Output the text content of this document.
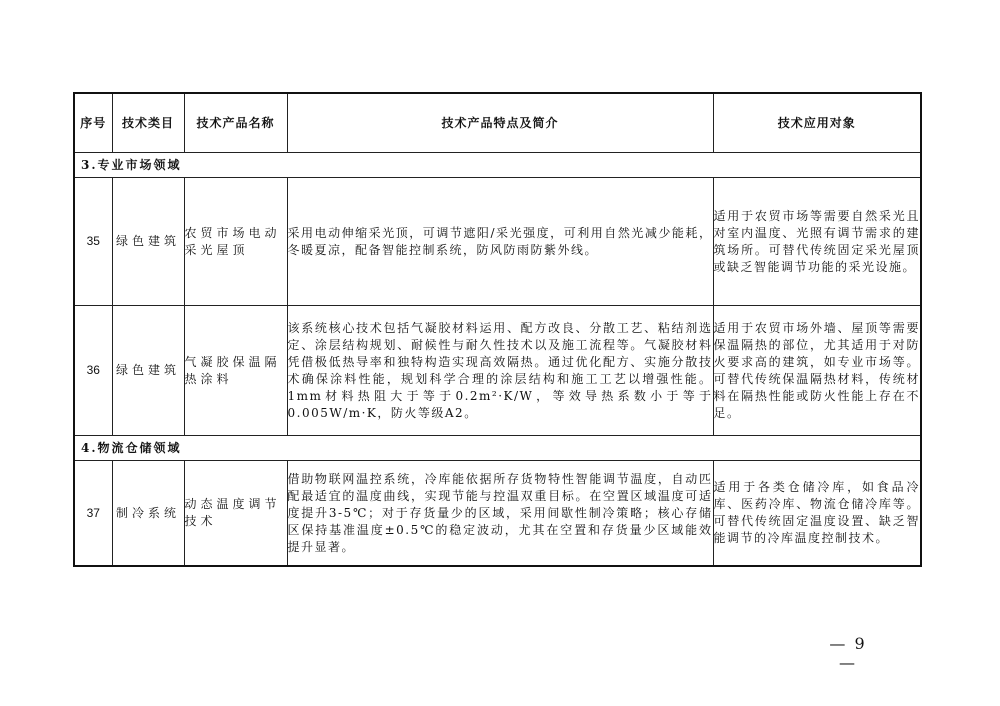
序号	技术类目	技术产品名称	技术产品特点及简介	技术应用对象
3.专业市场领域				
35	绿色建筑	农贸市场电动采光屋顶	采用电动伸缩采光顶，可调节遮阳/采光强度，可利用自然光减少能耗，冬暖夏凉，配备智能控制系统，防风防雨防紫外线。	适用于农贸市场等需要自然采光且对室内温度、光照有调节需求的建筑场所。可替代传统固定采光屋顶或缺乏智能调节功能的采光设施。
36	绿色建筑	气凝胶保温隔热涂料	该系统核心技术包括气凝胶材料运用、配方改良、分散工艺、粘结剂选定、涂层结构规划、耐候性与耐久性技术以及施工流程等。气凝胶材料凭借极低热导率和独特构造实现高效隔热。通过优化配方、实施分散技术确保涂料性能，规划科学合理的涂层结构和施工工艺以增强性能。1mm材料热阻大于等于0.2m²·K/W，等效导热系数小于等于0.005W/m·K，防火等级A2。	适用于农贸市场外墙、屋顶等需要保温隔热的部位，尤其适用于对防火要求高的建筑，如专业市场等。可替代传统保温隔热材料，传统材料在隔热性能或防火性能上存在不足。
4.物流仓储领域				
37	制冷系统	动态温度调节技术	借助物联网温控系统，冷库能依据所存货物特性智能调节温度，自动匹配最适宜的温度曲线，实现节能与控温双重目标。在空置区域温度可适度提升3-5℃；对于存货量少的区域，采用间歇性制冷策略；核心存储区保持基准温度±0.5℃的稳定波动，尤其在空置和存货量少区域能效提升显著。	适用于各类仓储冷库，如食品冷库、医药冷库、物流仓储冷库等。可替代传统固定温度设置、缺乏智能调节的冷库温度控制技术。
— 9 —
